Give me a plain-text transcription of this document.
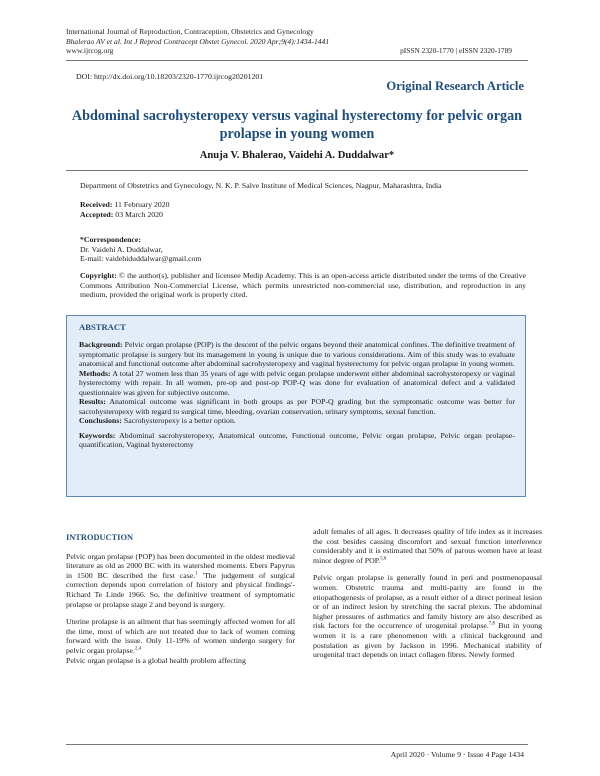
International Journal of Reproduction, Contraception, Obstetrics and Gynecology
Bhalerao AV et al. Int J Reprod Contracept Obstet Gynecol. 2020 Apr;9(4):1434-1441
www.ijrcog.org	pISSN 2320-1770 | eISSN 2320-1789
DOI: http://dx.doi.org/10.18203/2320-1770.ijrcog20201201
Original Research Article
Abdominal sacrohysteropexy versus vaginal hysterectomy for pelvic organ prolapse in young women
Anuja V. Bhalerao, Vaidehi A. Duddalwar*
Department of Obstetrics and Gynecology, N. K. P. Salve Institute of Medical Sciences, Nagpur, Maharashtra, India
Received: 11 February 2020
Accepted: 03 March 2020
*Correspondence:
Dr. Vaidehi A. Duddalwar,
E-mail: vaidehiduddalwar@gmail.com
Copyright: © the author(s), publisher and licensee Medip Academy. This is an open-access article distributed under the terms of the Creative Commons Attribution Non-Commercial License, which permits unrestricted non-commercial use, distribution, and reproduction in any medium, provided the original work is properly cited.
ABSTRACT

Background: Pelvic organ prolapse (POP) is the descent of the pelvic organs beyond their anatomical confines. The definitive treatment of symptomatic prolapse is surgery but its management in young is unique due to various considerations. Aim of this study was to evaluate anatomical and functional outcome after abdominal sacrohysteropexy and vaginal hysterectomy for pelvic organ prolapse in young women.

Methods: A total 27 women less than 35 years of age with pelvic organ prolapse underwent either abdominal sacrohysteropexy or vaginal hysterectomy with repair. In all women, pre-op and post-op POP-Q was done for evaluation of anatomical defect and a validated questionnaire was given for subjective outcome.

Results: Anatomical outcome was significant in both groups as per POP-Q grading but the symptomatic outcome was better for sacrohysteropexy with regard to surgical time, bleeding, ovarian conservation, urinary symptoms, sexual function.

Conclusions: Sacrohysteropexy is a better option.

Keywords: Abdominal sacrohysteropexy, Anatomical outcome, Functional outcome, Pelvic organ prolapse, Pelvic organ prolapse- quantification, Vaginal hysterectomy

INTRODUCTION

Pelvic organ prolapse (POP) has been documented in the oldest medieval literature as old as 2000 BC with its watershed moments. Ebers Papyrus in 1500 BC described the first case.$^1$ 'The judgement of surgical correction depends upon correlation of history and physical findings'- Richard Te Linde 1966. So, the definitive treatment of symptomatic prolapse or prolapse stage 2 and beyond is surgery.

Uterine prolapse is an ailment that has seemingly affected women for all the time, most of which are not treated due to lack of women coming forward with the issue. Only 11-19% of women undergo surgery for pelvic organ prolapse.$^{2,4}$

Pelvic organ prolapse is a global health problem affecting

adult females of all ages. It decreases quality of life index as it increases the cost besides causing discomfort and sexual function interference considerably and it is estimated that 50% of parous women have at least minor degree of POP.$^{5,6}$

Pelvic organ prolapse is generally found in peri and postmenopausal women. Obstetric trauma and multi-parity are found in the etiopathogenesis of prolapse, as a result either of a direct perineal lesion or of an indirect lesion by stretching the sacral plexus. The abdominal higher pressures of asthmatics and family history are also described as risk factors for the occurrence of urogenital prolapse.$^{7,8}$ But in young women it is a rare phenomenon with a clinical background and postulation as given by Jackson in 1996. Mechanical stability of urogenital tract depends on intact collagen fibres. Newly formed

April 2020 · Volume 9 · Issue 4 Page 1434
